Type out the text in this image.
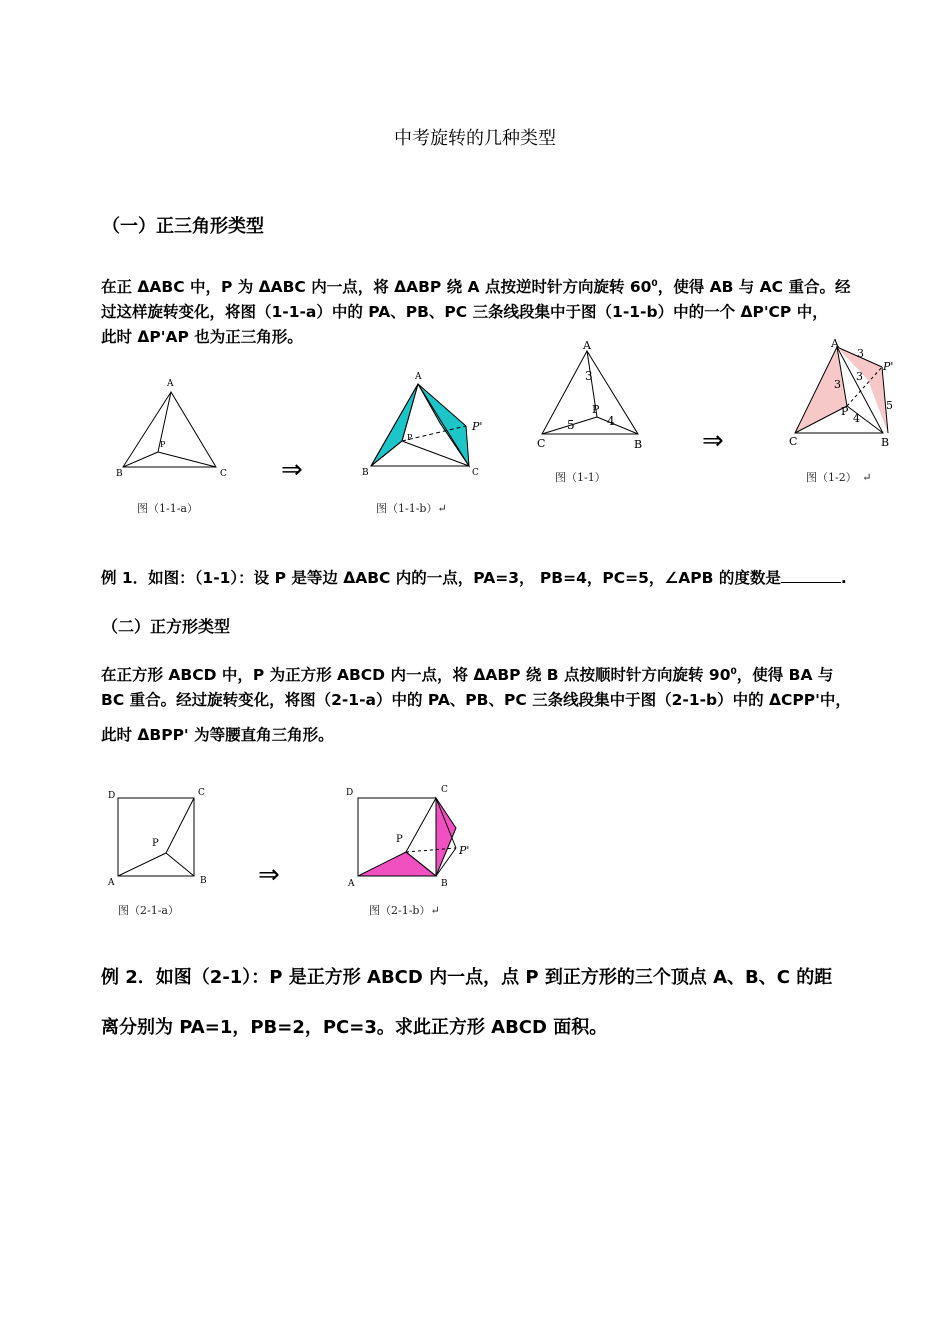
中考旋转的几种类型
（一）正三角形类型

在正 ΔABC 中，P 为 ΔABC 内一点，将 ΔABP 绕 A 点按逆时针方向旋转 $60^0$，使得 AB 与 AC 重合。经

过这样旋转变化，将图（1-1-a）中的 PA、PB、PC 三条线段集中于图（1-1-b）中的一个 ΔP'CP 中，

此时 ΔP'AP 也为正三角形。

A
B	C
P
图（1-1-a）
⇒
A
B	C
P
P'
图（1-1-b）↵
A
C	B
3
P
5	4
图（1-1）
⇒
A
C	B
3
3
3
P
4
5
P'
图（1-2）　↵
例 1．如图：（1-1）：设 P 是等边 ΔABC 内的一点，PA=3， PB=4，PC=5，∠APB 的度数是	.
（二）正方形类型

在正方形 ABCD 中，P 为正方形 ABCD 内一点，将 ΔABP 绕 B 点按顺时针方向旋转 $90^0$，使得 BA 与

BC 重合。经过旋转变化，将图（2-1-a）中的 PA、PB、PC 三条线段集中于图（2-1-b）中的 ΔCPP'中，

此时 ΔBPP' 为等腰直角三角形。

D	C
A	B
P
图（2-1-a）
⇒
D	C
A	B
P
P'
图（2-1-b）↵

例 2．如图（2-1）：P 是正方形 ABCD 内一点，点 P 到正方形的三个顶点 A、B、C 的距

离分别为 PA=1，PB=2，PC=3。求此正方形 ABCD 面积。
